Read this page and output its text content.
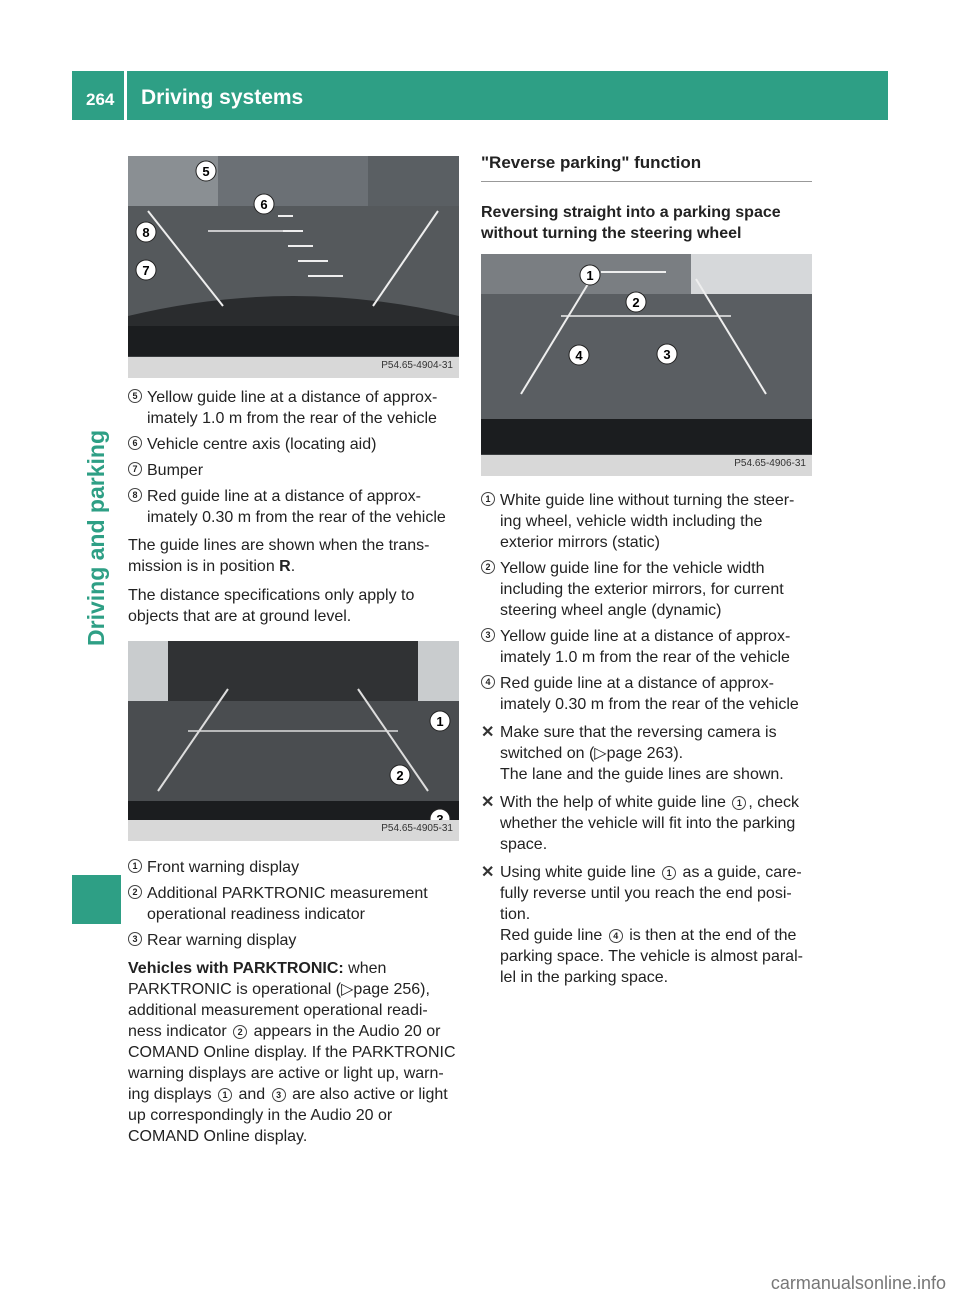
264 Driving systems
Driving and parking
5
6
8
7
P54.65-4904-31
5 Yellow guide line at a distance of approx-imately 1.0 m from the rear of the vehicle
6 Vehicle centre axis (locating aid)
7 Bumper
8 Red guide line at a distance of approx-imately 0.30 m from the rear of the vehicle

The guide lines are shown when the trans-mission is in position R.

The distance specifications only apply to objects that are at ground level.

1
2
P54.65-4905-31
1 Front warning display
2 Additional PARKTRONIC measurement operational readiness indicator
3 Rear warning display

Vehicles with PARKTRONIC: when PARKTRONIC is operational (▷page 256), additional measurement operational readi-ness indicator 2 appears in the Audio 20 or COMAND Online display. If the PARKTRONIC warning displays are active or light up, warn-ing displays 1 and 3 are also active or light up correspondingly in the Audio 20 or COMAND Online display.

"Reverse parking" function
Reversing straight into a parking space without turning the steering wheel
1
2
3
4
P54.65-4906-31
1 White guide line without turning the steer-ing wheel, vehicle width including the exterior mirrors (static)
2 Yellow guide line for the vehicle width including the exterior mirrors, for current steering wheel angle (dynamic)
3 Yellow guide line at a distance of approx-imately 1.0 m from the rear of the vehicle
4 Red guide line at a distance of approx-imately 0.30 m from the rear of the vehicle
✕ Make sure that the reversing camera is switched on (▷page 263).
The lane and the guide lines are shown.
✕ With the help of white guide line 1 , check whether the vehicle will fit into the parking space.
✕ Using white guide line 1 as a guide, care-fully reverse until you reach the end posi-tion.
Red guide line 4 is then at the end of the parking space. The vehicle is almost paral-lel in the parking space.
carmanualsonline.info
